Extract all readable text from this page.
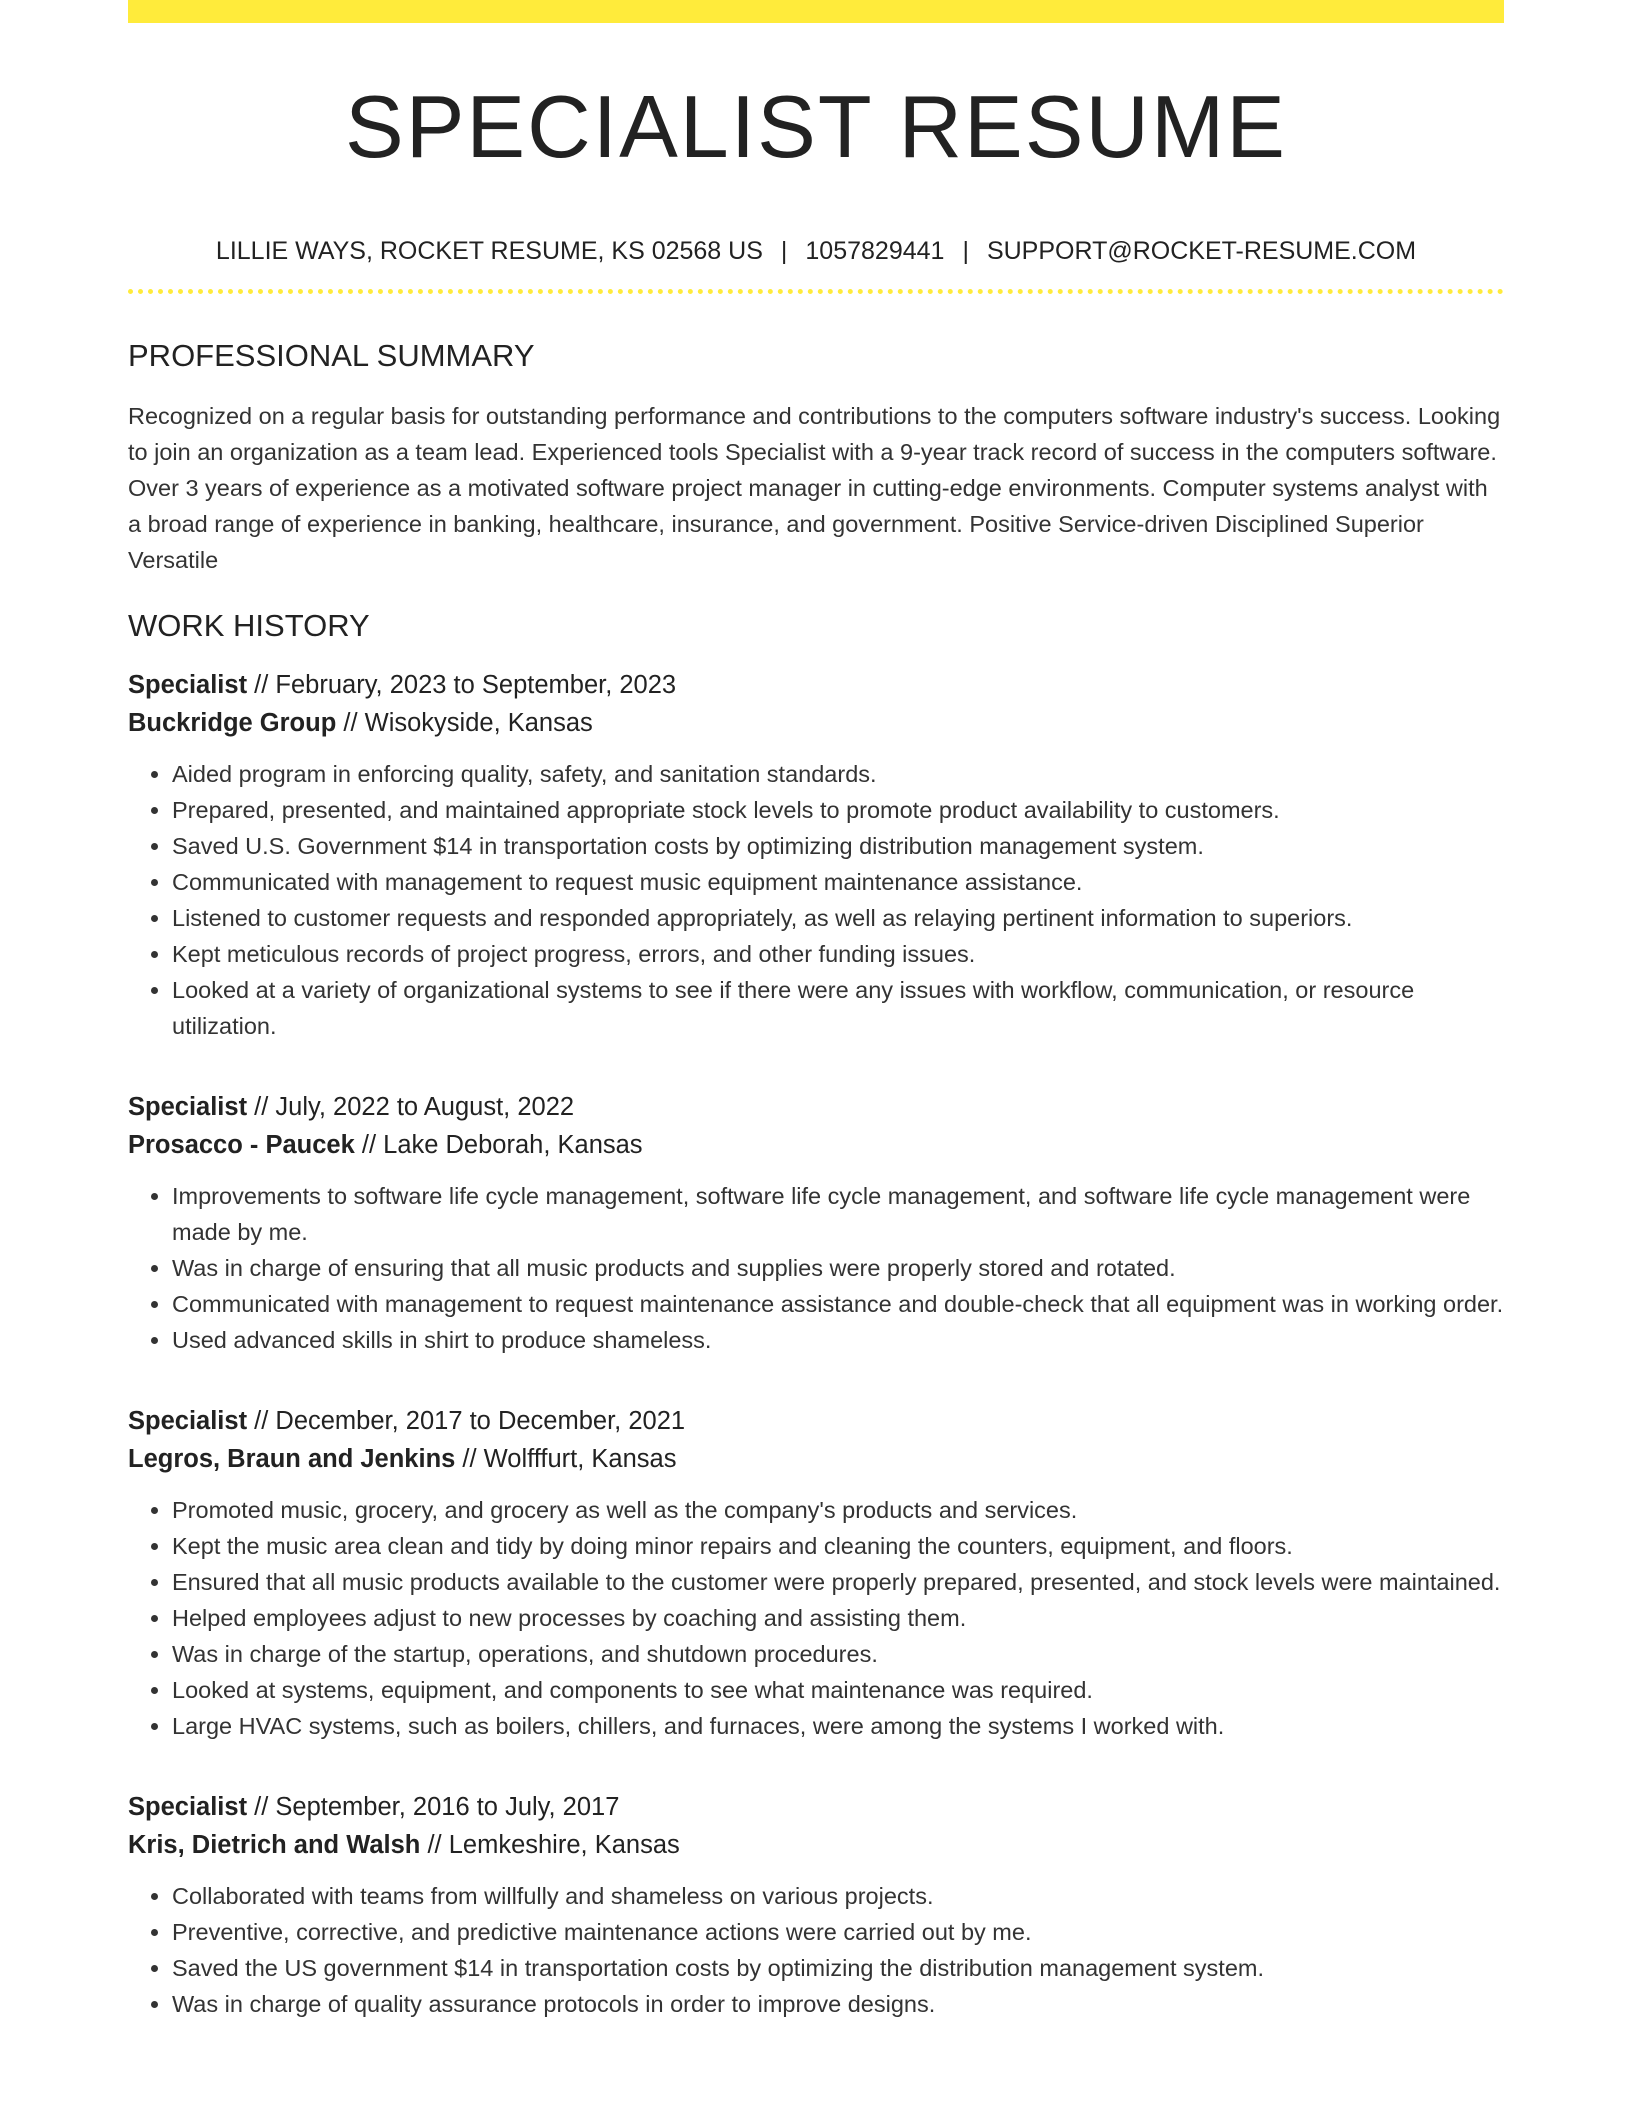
SPECIALIST RESUME
LILLIE WAYS, ROCKET RESUME, KS 02568 US | 1057829441 | SUPPORT@ROCKET-RESUME.COM
PROFESSIONAL SUMMARY

Recognized on a regular basis for outstanding performance and contributions to the computers software industry's success. Looking to join an organization as a team lead. Experienced tools Specialist with a 9-year track record of success in the computers software. Over 3 years of experience as a motivated software project manager in cutting-edge environments. Computer systems analyst with a broad range of experience in banking, healthcare, insurance, and government. Positive Service-driven Disciplined Superior Versatile

WORK HISTORY
Specialist // February, 2023 to September, 2023
Buckridge Group // Wisokyside, Kansas
• Aided program in enforcing quality, safety, and sanitation standards.
• Prepared, presented, and maintained appropriate stock levels to promote product availability to customers.
• Saved U.S. Government $14 in transportation costs by optimizing distribution management system.
• Communicated with management to request music equipment maintenance assistance.
• Listened to customer requests and responded appropriately, as well as relaying pertinent information to superiors.
• Kept meticulous records of project progress, errors, and other funding issues.
• Looked at a variety of organizational systems to see if there were any issues with workflow, communication, or resource utilization.
Specialist // July, 2022 to August, 2022
Prosacco - Paucek // Lake Deborah, Kansas
• Improvements to software life cycle management, software life cycle management, and software life cycle management were made by me.
• Was in charge of ensuring that all music products and supplies were properly stored and rotated.
• Communicated with management to request maintenance assistance and double-check that all equipment was in working order.
• Used advanced skills in shirt to produce shameless.
Specialist // December, 2017 to December, 2021
Legros, Braun and Jenkins // Wolfffurt, Kansas
• Promoted music, grocery, and grocery as well as the company's products and services.
• Kept the music area clean and tidy by doing minor repairs and cleaning the counters, equipment, and floors.
• Ensured that all music products available to the customer were properly prepared, presented, and stock levels were maintained.
• Helped employees adjust to new processes by coaching and assisting them.
• Was in charge of the startup, operations, and shutdown procedures.
• Looked at systems, equipment, and components to see what maintenance was required.
• Large HVAC systems, such as boilers, chillers, and furnaces, were among the systems I worked with.
Specialist // September, 2016 to July, 2017
Kris, Dietrich and Walsh // Lemkeshire, Kansas
• Collaborated with teams from willfully and shameless on various projects.
• Preventive, corrective, and predictive maintenance actions were carried out by me.
• Saved the US government $14 in transportation costs by optimizing the distribution management system.
• Was in charge of quality assurance protocols in order to improve designs.
